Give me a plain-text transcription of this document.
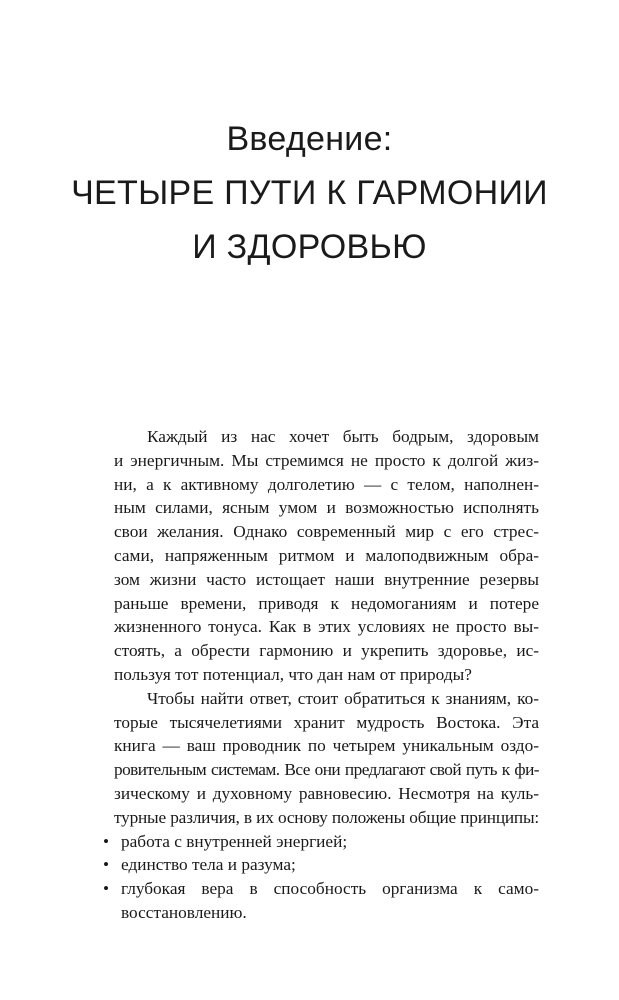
Введение:
ЧЕТЫРЕ ПУТИ К ГАРМОНИИ
И ЗДОРОВЬЮ
Каждый из нас хочет быть бодрым, здоровым
и энергичным. Мы стремимся не просто к долгой жиз-
ни, а к активному долголетию — с телом, наполнен-
ным силами, ясным умом и возможностью исполнять
свои желания. Однако современный мир с его стрес-
сами, напряженным ритмом и малоподвижным обра-
зом жизни часто истощает наши внутренние резервы
раньше времени, приводя к недомоганиям и потере
жизненного тонуса. Как в этих условиях не просто вы-
стоять, а обрести гармонию и укрепить здоровье, ис-
пользуя тот потенциал, что дан нам от природы?
Чтобы найти ответ, стоит обратиться к знаниям, ко-
торые тысячелетиями хранит мудрость Востока. Эта
книга — ваш проводник по четырем уникальным оздо-
ровительным системам. Все они предлагают свой путь к фи-
зическому и духовному равновесию. Несмотря на куль-
турные различия, в их основу положены общие принципы:
• работа с внутренней энергией;
• единство тела и разума;
• глубокая вера в способность организма к само-
восстановлению.
